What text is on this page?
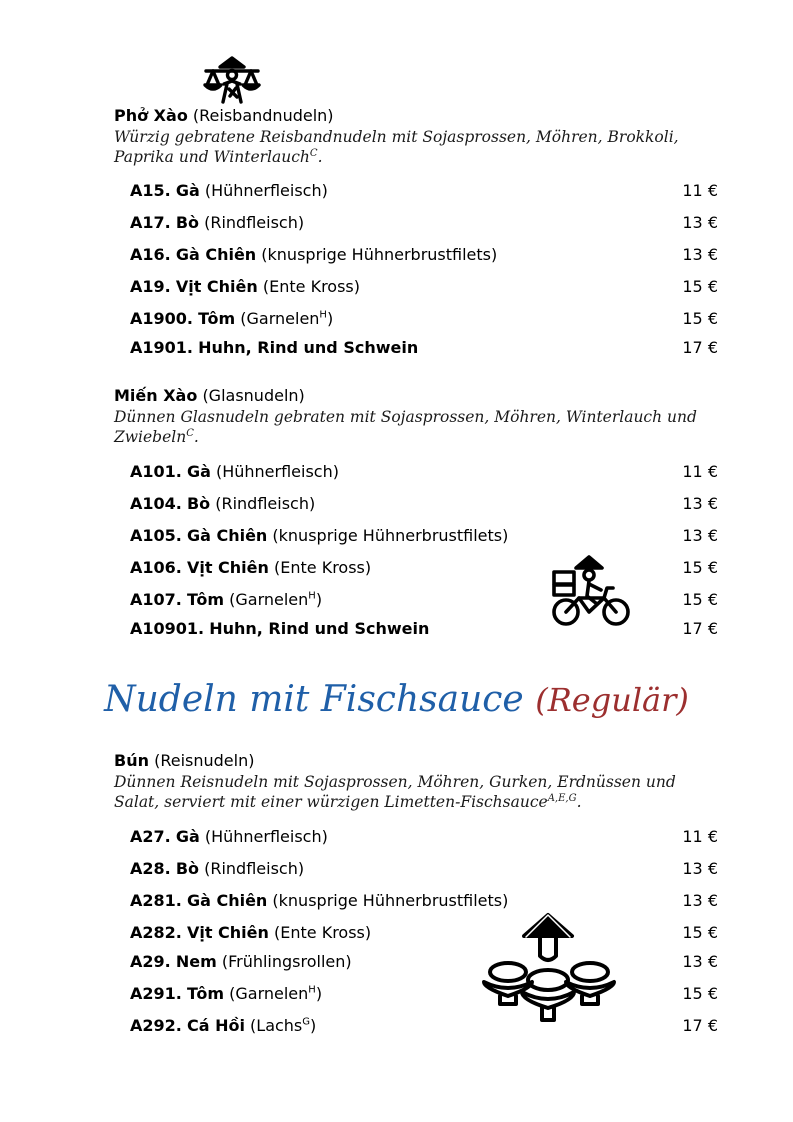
Phở Xào (Reisbandnudeln)
Würzig gebratene Reisbandnudeln mit Sojasprossen, Möhren, Brokkoli, Paprika und Winterlauch$^C$.
A15. Gà (Hühnerfleisch)	11 €
A17. Bò (Rindfleisch)	13 €
A16. Gà Chiên (knusprige Hühnerbrustfilets)	13 €
A19. Vịt Chiên (Ente Kross)	15 €
A1900. Tôm (Garnelen$^H$)	15 €
A1901. Huhn, Rind und Schwein	17 €
Miến Xào (Glasnudeln)
Dünnen Glasnudeln gebraten mit Sojasprossen, Möhren, Winterlauch und Zwiebeln$^C$.
A101. Gà (Hühnerfleisch)	11 €
A104. Bò (Rindfleisch)	13 €
A105. Gà Chiên (knusprige Hühnerbrustfilets)	13 €
A106. Vịt Chiên (Ente Kross)	15 €
A107. Tôm (Garnelen$^H$)	15 €
A10901. Huhn, Rind und Schwein	17 €
Nudeln mit Fischsauce (Regulär)
Bún (Reisnudeln)
Dünnen Reisnudeln mit Sojasprossen, Möhren, Gurken, Erdnüssen und Salat, serviert mit einer würzigen Limetten-Fischsauce$^{A,E,G}$.
A27. Gà (Hühnerfleisch)	11 €
A28. Bò (Rindfleisch)	13 €
A281. Gà Chiên (knusprige Hühnerbrustfilets)	13 €
A282. Vịt Chiên (Ente Kross)	15 €
A29. Nem (Frühlingsrollen)	13 €
A291. Tôm (Garnelen$^H$)	15 €
A292. Cá Hồi (Lachs$^G$)	17 €
